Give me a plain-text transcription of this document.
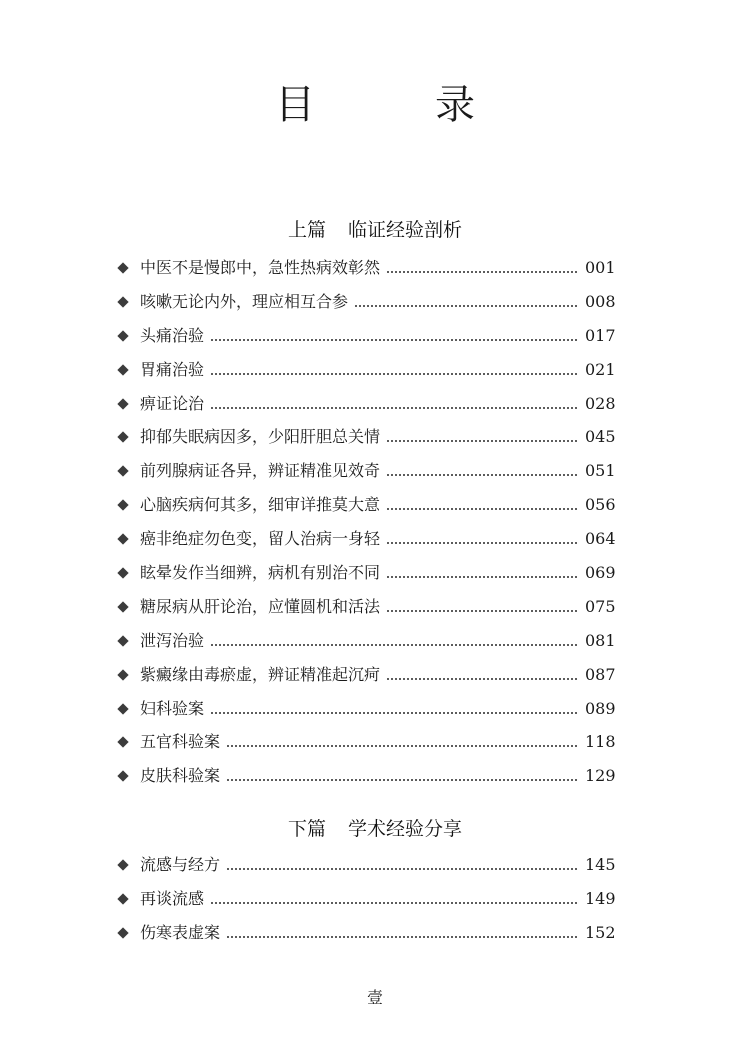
目　录
上篇 临证经验剖析
中医不是慢郎中，急性热病效彰然	001
咳嗽无论内外，理应相互合参	008
头痛治验	017
胃痛治验	021
痹证论治	028
抑郁失眠病因多，少阳肝胆总关情	045
前列腺病证各异，辨证精准见效奇	051
心脑疾病何其多，细审详推莫大意	056
癌非绝症勿色变，留人治病一身轻	064
眩晕发作当细辨，病机有别治不同	069
糖尿病从肝论治，应懂圆机和活法	075
泄泻治验	081
紫癜缘由毒瘀虚，辨证精准起沉疴	087
妇科验案	089
五官科验案	118
皮肤科验案	129
下篇 学术经验分享
流感与经方	145
再谈流感	149
伤寒表虚案	152
壹
